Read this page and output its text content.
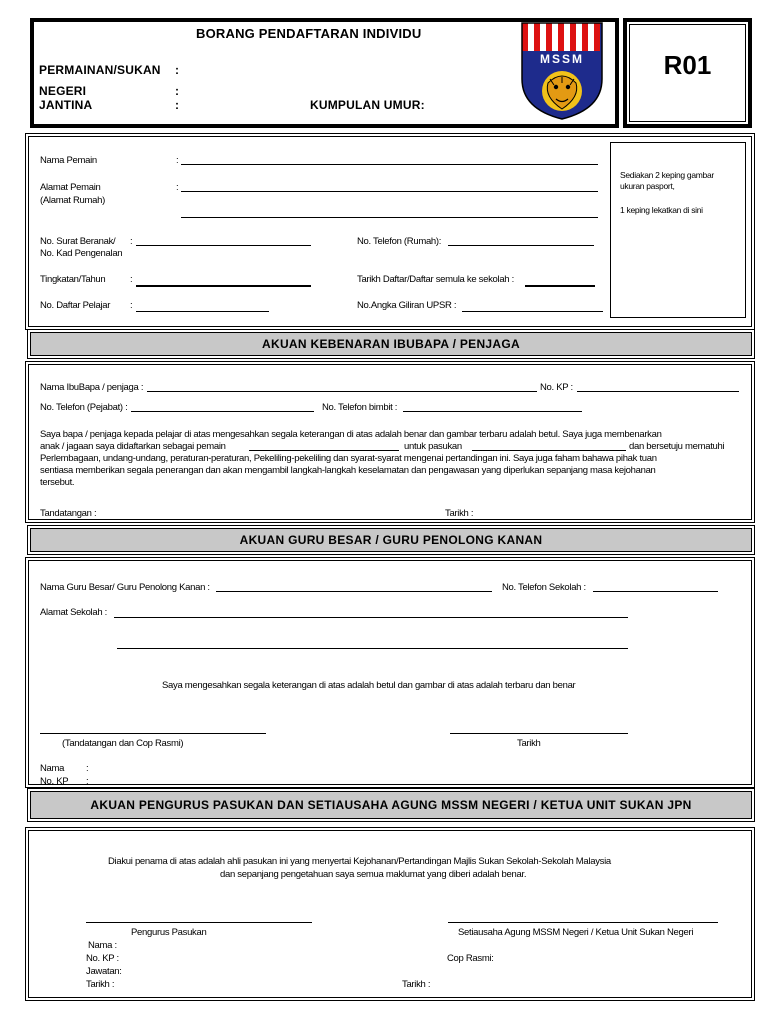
BORANG PENDAFTARAN INDIVIDU
PERMAINAN/SUKAN :
NEGERI	:
JANTINA	:	KUMPULAN UMUR:
MSSM	R01
Nama Pemain	:
Alamat Pemain
(Alamat Rumah)
:
No. Surat Beranak/
No. Kad Pengenalan
:	No. Telefon (Rumah):
Tingkatan/Tahun	:	Tarikh Daftar/Daftar semula ke sekolah :
No. Daftar Pelajar :	No.Angka Giliran UPSR :
Sediakan 2 keping gambar
ukuran pasport,
1 keping lekatkan di sini
AKUAN KEBENARAN IBUBAPA / PENJAGA
Nama IbuBapa / penjaga :	No. KP :
No. Telefon (Pejabat) :	No. Telefon bimbit :
Saya bapa / penjaga kepada pelajar di atas mengesahkan segala keterangan di atas adalah benar dan gambar terbaru adalah betul. Saya juga membenarkan
anak / jagaan saya didaftarkan sebagai pemain	untuk pasukan	dan bersetuju mematuhi
Perlembagaan, undang-undang, peraturan-peraturan, Pekeliling-pekeliling dan syarat-syarat mengenai pertandingan ini. Saya juga faham bahawa pihak tuan
sentiasa memberikan segala penerangan dan akan mengambil langkah-langkah keselamatan dan pengawasan yang diperlukan sepanjang masa kejohanan
tersebut.
Tandatangan :	Tarikh :
AKUAN GURU BESAR / GURU PENOLONG KANAN
Nama Guru Besar/ Guru Penolong Kanan :	No. Telefon Sekolah :
Alamat Sekolah :
Saya mengesahkan segala keterangan di atas adalah betul dan gambar di atas adalah terbaru dan benar
(Tandatangan dan Cop Rasmi)	Tarikh
Nama :
No. KP :
AKUAN PENGURUS PASUKAN DAN SETIAUSAHA AGUNG MSSM NEGERI / KETUA UNIT SUKAN JPN
Diakui penama di atas adalah ahli pasukan ini yang menyertai Kejohanan/Pertandingan Majlis Sukan Sekolah-Sekolah Malaysia
dan sepanjang pengetahuan saya semua maklumat yang diberi adalah benar.
Pengurus Pasukan	Setiausaha Agung MSSM Negeri / Ketua Unit Sukan Negeri
Nama :
No. KP :
Jawatan:
Tarikh :
Cop Rasmi:
Tarikh :
